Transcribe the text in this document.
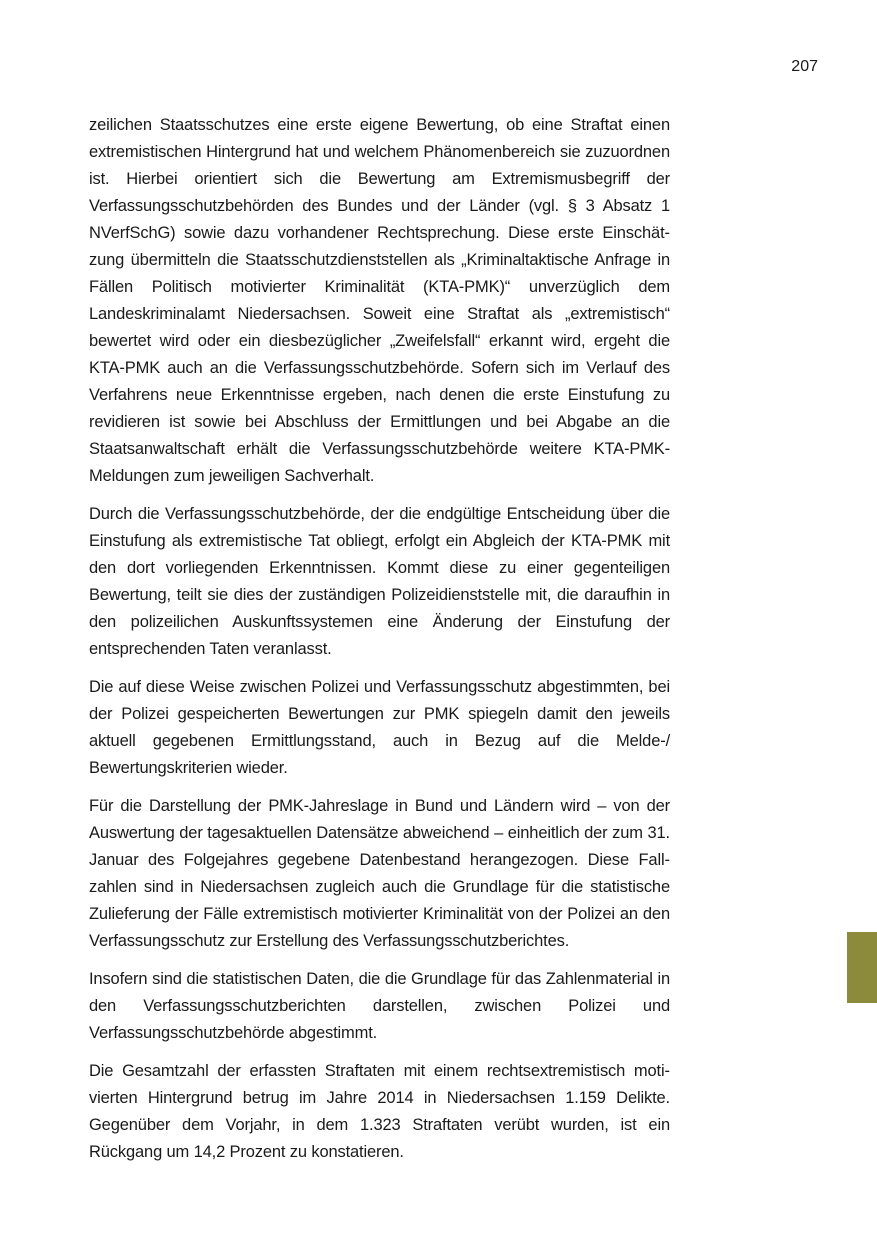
207

zeilichen Staatsschutzes eine erste eigene Bewertung, ob eine Straftat einen extremistischen Hintergrund hat und welchem Phänomenbereich sie zuzuordnen ist. Hierbei orientiert sich die Bewertung am Extremismusbegriff der Verfassungsschutzbehörden des Bundes und der Länder (vgl. § 3 Absatz 1 NVerfSchG) sowie dazu vorhandener Rechtsprechung. Diese erste Einschätzung übermitteln die Staatsschutzdienststellen als „Kriminaltaktische Anfrage in Fällen Politisch motivierter Kriminalität (KTA-PMK)“ unverzüglich dem Landeskriminalamt Niedersachsen. Soweit eine Straftat als „extremistisch“ bewertet wird oder ein diesbezüglicher „Zweifelsfall“ erkannt wird, ergeht die KTA-PMK auch an die Verfassungsschutzbehörde. Sofern sich im Verlauf des Verfahrens neue Erkenntnisse ergeben, nach denen die erste Einstufung zu revidieren ist sowie bei Abschluss der Ermittlungen und bei Abgabe an die Staatsanwaltschaft erhält die Verfassungsschutzbehörde weitere KTA-PMK-Meldungen zum jeweiligen Sachverhalt.

Durch die Verfassungsschutzbehörde, der die endgültige Entscheidung über die Einstufung als extremistische Tat obliegt, erfolgt ein Abgleich der KTA-PMK mit den dort vorliegenden Erkenntnissen. Kommt diese zu einer gegenteiligen Bewertung, teilt sie dies der zuständigen Polizeidienststelle mit, die daraufhin in den polizeilichen Auskunftssystemen eine Änderung der Einstufung der entsprechenden Taten veranlasst.

Die auf diese Weise zwischen Polizei und Verfassungsschutz abgestimmten, bei der Polizei gespeicherten Bewertungen zur PMK spiegeln damit den jeweils aktuell gegebenen Ermittlungsstand, auch in Bezug auf die Melde-/ Bewertungskriterien wieder.

Für die Darstellung der PMK-Jahreslage in Bund und Ländern wird – von der Auswertung der tagesaktuellen Datensätze abweichend – einheitlich der zum 31. Januar des Folgejahres gegebene Datenbestand herangezogen. Diese Fallzahlen sind in Niedersachsen zugleich auch die Grundlage für die statistische Zulieferung der Fälle extremistisch motivierter Kriminalität von der Polizei an den Verfassungsschutz zur Erstellung des Verfassungsschutzberichtes.

Insofern sind die statistischen Daten, die die Grundlage für das Zahlenmaterial in den Verfassungsschutzberichten darstellen, zwischen Polizei und Verfassungsschutzbehörde abgestimmt.

Die Gesamtzahl der erfassten Straftaten mit einem rechtsextremistisch motivierten Hintergrund betrug im Jahre 2014 in Niedersachsen 1.159 Delikte. Gegenüber dem Vorjahr, in dem 1.323 Straftaten verübt wurden, ist ein Rückgang um 14,2 Prozent zu konstatieren.
